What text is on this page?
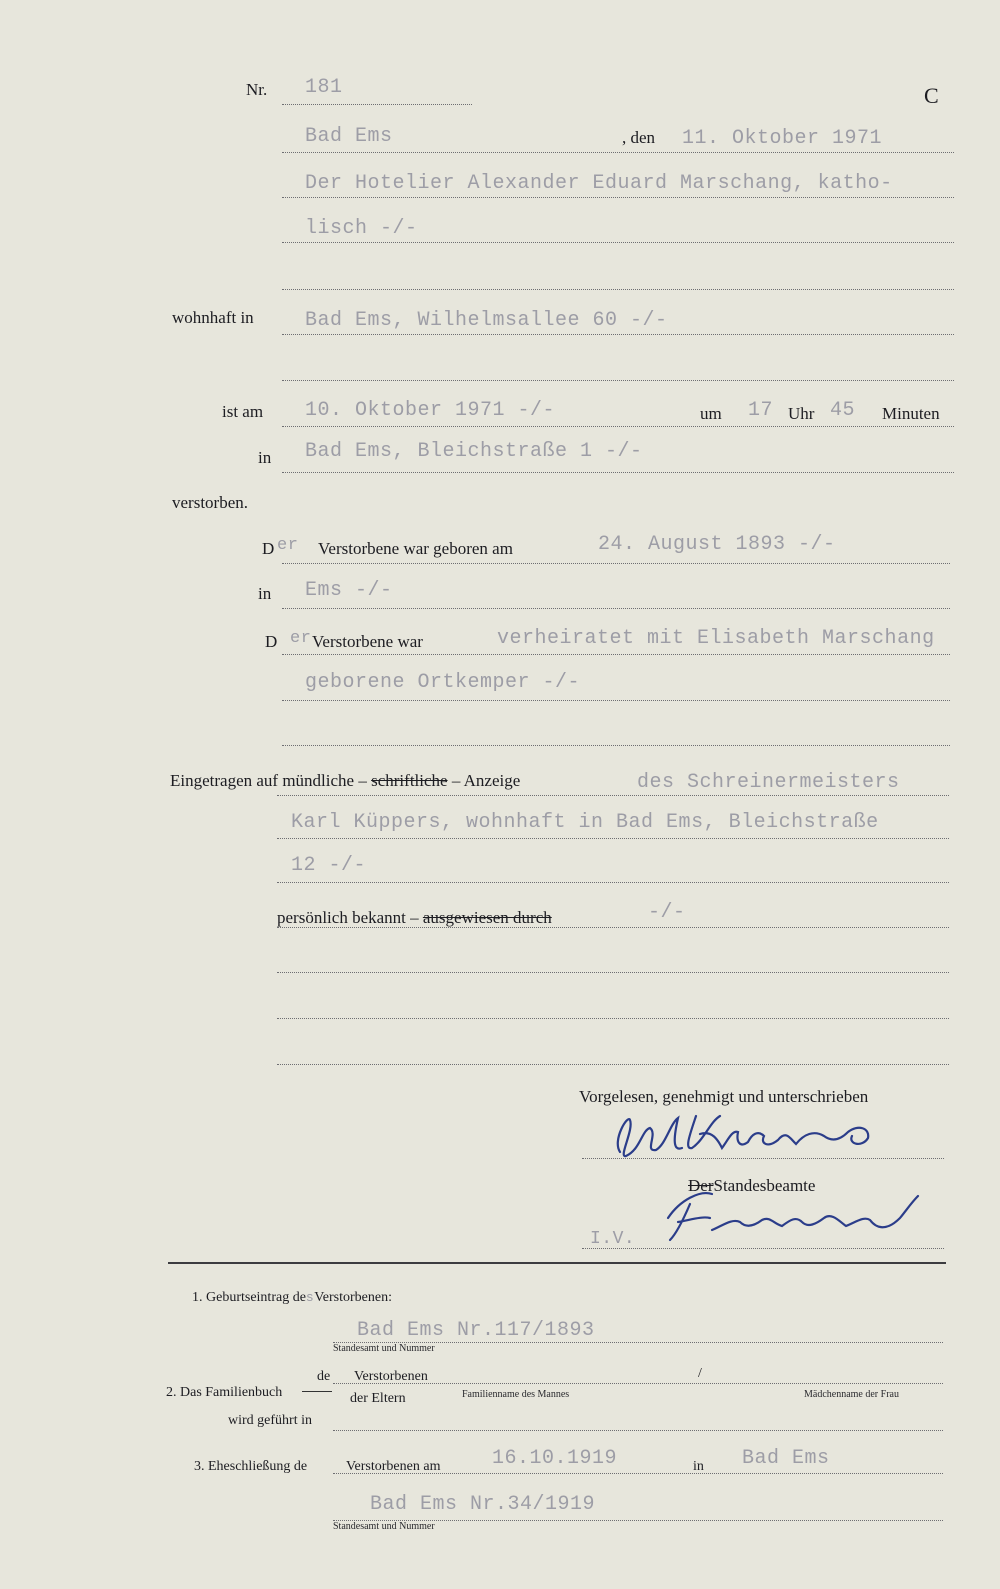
Nr. 181	C
Bad Ems	, den 11. Oktober 1971
Der Hotelier Alexander Eduard Marschang, katho-
lisch -/-
wohnhaft in	Bad Ems, Wilhelmsallee 60 -/-
ist am 10. Oktober 1971 -/-	um 17 Uhr 45 Minuten
in Bad Ems, Bleichstraße 1 -/-
verstorben.
D er Verstorbene war geboren am	24. August 1893 -/-
in Ems -/-
D er Verstorbene war	verheiratet mit Elisabeth Marschang
geborene Ortkemper -/-
Eingetragen auf mündliche – schriftliche – Anzeige	des Schreinermeisters
Karl Küppers, wohnhaft in Bad Ems, Bleichstraße
12 -/-
persönlich bekannt – ausgewiesen durch	-/-
Vorgelesen, genehmigt und unterschrieben
DerStandesbeamte
I.V.
1. Geburtseintrag desVerstorbenen:
Bad Ems Nr.117/1893
Standesamt und Nummer
2. Das Familienbuch
de Verstorbenen	/
der Eltern	Familienname des Mannes	Mädchenname der Frau
wird geführt in
3. Eheschließung de	Verstorbenen am	16.10.1919	in Bad Ems
Bad Ems Nr.34/1919
Standesamt und Nummer
